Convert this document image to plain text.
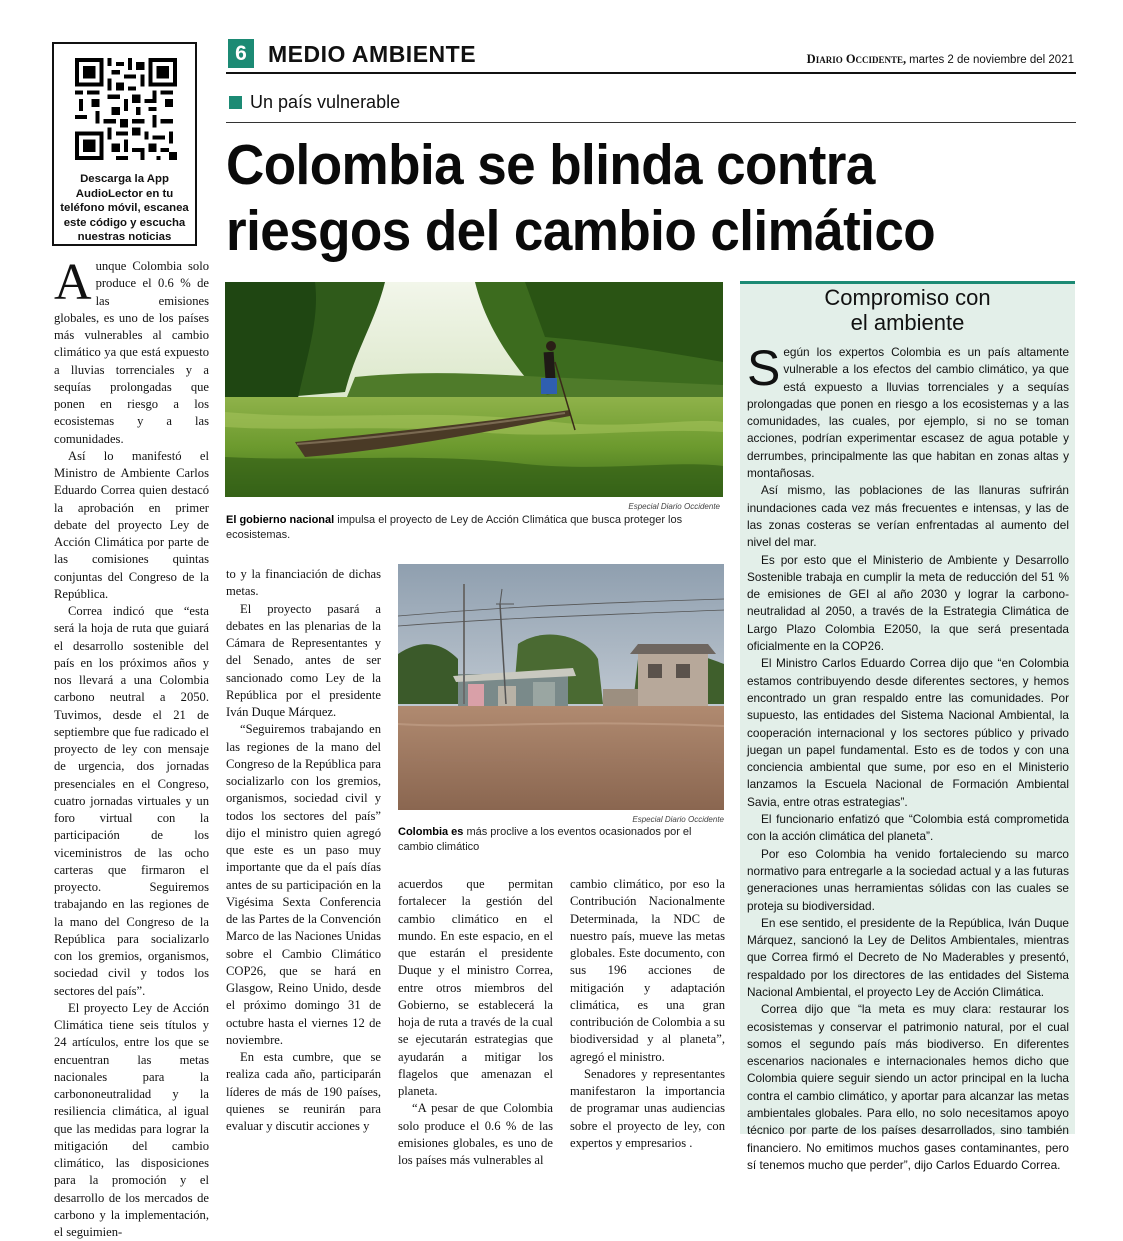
Descarga la App AudioLector en tu teléfono móvil, escanea este código y escucha nuestras noticias
6 MEDIO AMBIENTE	Diario Occidente, martes 2 de noviembre del 2021
Un país vulnerable
Colombia se blinda contra
riesgos del cambio climático

Aunque Colombia solo produce el 0.6 % de las emisiones globales, es uno de los países más vulnerables al cambio climático ya que está expuesto a lluvias torrenciales y a sequías prolongadas que ponen en riesgo a los ecosistemas y a las comunidades.

Así lo manifestó el Ministro de Ambiente Carlos Eduardo Correa quien destacó la aprobación en primer debate del proyecto Ley de Acción Climática por parte de las comisiones quintas conjuntas del Congreso de la República.

Correa indicó que “esta será la hoja de ruta que guiará el desarrollo sostenible del país en los próximos años y nos llevará a una Colombia carbono neutral a 2050. Tuvimos, desde el 21 de septiembre que fue radicado el proyecto de ley con mensaje de urgencia, dos jornadas presenciales en el Congreso, cuatro jornadas virtuales y un foro virtual con la participación de los viceministros de las ocho carteras que firmaron el proyecto. Seguiremos trabajando en las regiones de la mano del Congreso de la República para socializarlo con los gremios, organismos, sociedad civil y todos los sectores del país”.

El proyecto Ley de Acción Climática tiene seis títulos y 24 artículos, entre los que se encuentran las metas nacionales para la carbononeutralidad y la resiliencia climática, al igual que las medidas para lograr la mitigación del cambio climático, las disposiciones para la promoción y el desarrollo de los mercados de carbono y la implementación, el seguimien-

Especial Diario Occidente
El gobierno nacional impulsa el proyecto de Ley de Acción Climática que busca proteger los ecosistemas.

to y la financiación de dichas metas.

El proyecto pasará a debates en las plenarias de la Cámara de Representantes y del Senado, antes de ser sancionado como Ley de la República por el presidente Iván Duque Márquez.

“Seguiremos trabajando en las regiones de la mano del Congreso de la República para socializarlo con los gremios, organismos, sociedad civil y todos los sectores del país” dijo el ministro quien agregó que este es un paso muy importante que da el país días antes de su participación en la Vigésima Sexta Conferencia de las Partes de la Convención Marco de las Naciones Unidas sobre el Cambio Climático COP26, que se hará en Glasgow, Reino Unido, desde el próximo domingo 31 de octubre hasta el viernes 12 de noviembre.

En esta cumbre, que se realiza cada año, participarán líderes de más de 190 países, quienes se reunirán para evaluar y discutir acciones y

Especial Diario Occidente
Colombia es más proclive a los eventos ocasionados por el cambio climático

acuerdos que permitan fortalecer la gestión del cambio climático en el mundo. En este espacio, en el que estarán el presidente Duque y el ministro Correa, entre otros miembros del Gobierno, se establecerá la hoja de ruta a través de la cual se ejecutarán estrategias que ayudarán a mitigar los flagelos que amenazan el planeta.

“A pesar de que Colombia solo produce el 0.6 % de las emisiones globales, es uno de los países más vulnerables al

cambio climático, por eso la Contribución Nacionalmente Determinada, la NDC de nuestro país, mueve las metas globales. Este documento, con sus 196 acciones de mitigación y adaptación climática, es una gran contribución de Colombia a su biodiversidad y al planeta”, agregó el ministro.

Senadores y representantes manifestaron la importancia de programar unas audiencias sobre el proyecto de ley, con expertos y empresarios .

Compromiso con
el ambiente

Según los expertos Colombia es un país altamente vulnerable a los efectos del cambio climático, ya que está expuesto a lluvias torrenciales y a sequías prolongadas que ponen en riesgo a los ecosistemas y a las comunidades, las cuales, por ejemplo, si no se toman acciones, podrían experimentar escasez de agua potable y derrumbes, principalmente las que habitan en zonas altas y montañosas.

Así mismo, las poblaciones de las llanuras sufrirán inundaciones cada vez más frecuentes e intensas, y las de las zonas costeras se verían enfrentadas al aumento del nivel del mar.

Es por esto que el Ministerio de Ambiente y Desarrollo Sostenible trabaja en cumplir la meta de reducción del 51 % de emisiones de GEI al año 2030 y lograr la carbono-neutralidad al 2050, a través de la Estrategia Climática de Largo Plazo Colombia E2050, la que será presentada oficialmente en la COP26.

El Ministro Carlos Eduardo Correa dijo que “en Colombia estamos contribuyendo desde diferentes sectores, y hemos encontrado un gran respaldo entre las comunidades. Por supuesto, las entidades del Sistema Nacional Ambiental, la cooperación internacional y los sectores público y privado juegan un papel fundamental. Esto es de todos y con una conciencia ambiental que sume, por eso en el Ministerio lanzamos la Escuela Nacional de Formación Ambiental Savia, entre otras estrategias”.

El funcionario enfatizó que “Colombia está comprometida con la acción climática del planeta”.

Por eso Colombia ha venido fortaleciendo su marco normativo para entregarle a la sociedad actual y a las futuras generaciones unas herramientas sólidas con las cuales se proteja su biodiversidad.

En ese sentido, el presidente de la República, Iván Duque Márquez, sancionó la Ley de Delitos Ambientales, mientras que Correa firmó el Decreto de No Maderables y presentó, respaldado por los directores de las entidades del Sistema Nacional Ambiental, el proyecto Ley de Acción Climática.

Correa dijo que “la meta es muy clara: restaurar los ecosistemas y conservar el patrimonio natural, por el cual somos el segundo país más biodiverso. En diferentes escenarios nacionales e internacionales hemos dicho que Colombia quiere seguir siendo un actor principal en la lucha contra el cambio climático, y aportar para alcanzar las metas ambientales globales. Para ello, no solo necesitamos apoyo técnico por parte de los países desarrollados, sino también financiero. No emitimos muchos gases contaminantes, pero sí tenemos mucho que perder”, dijo Carlos Eduardo Correa.
